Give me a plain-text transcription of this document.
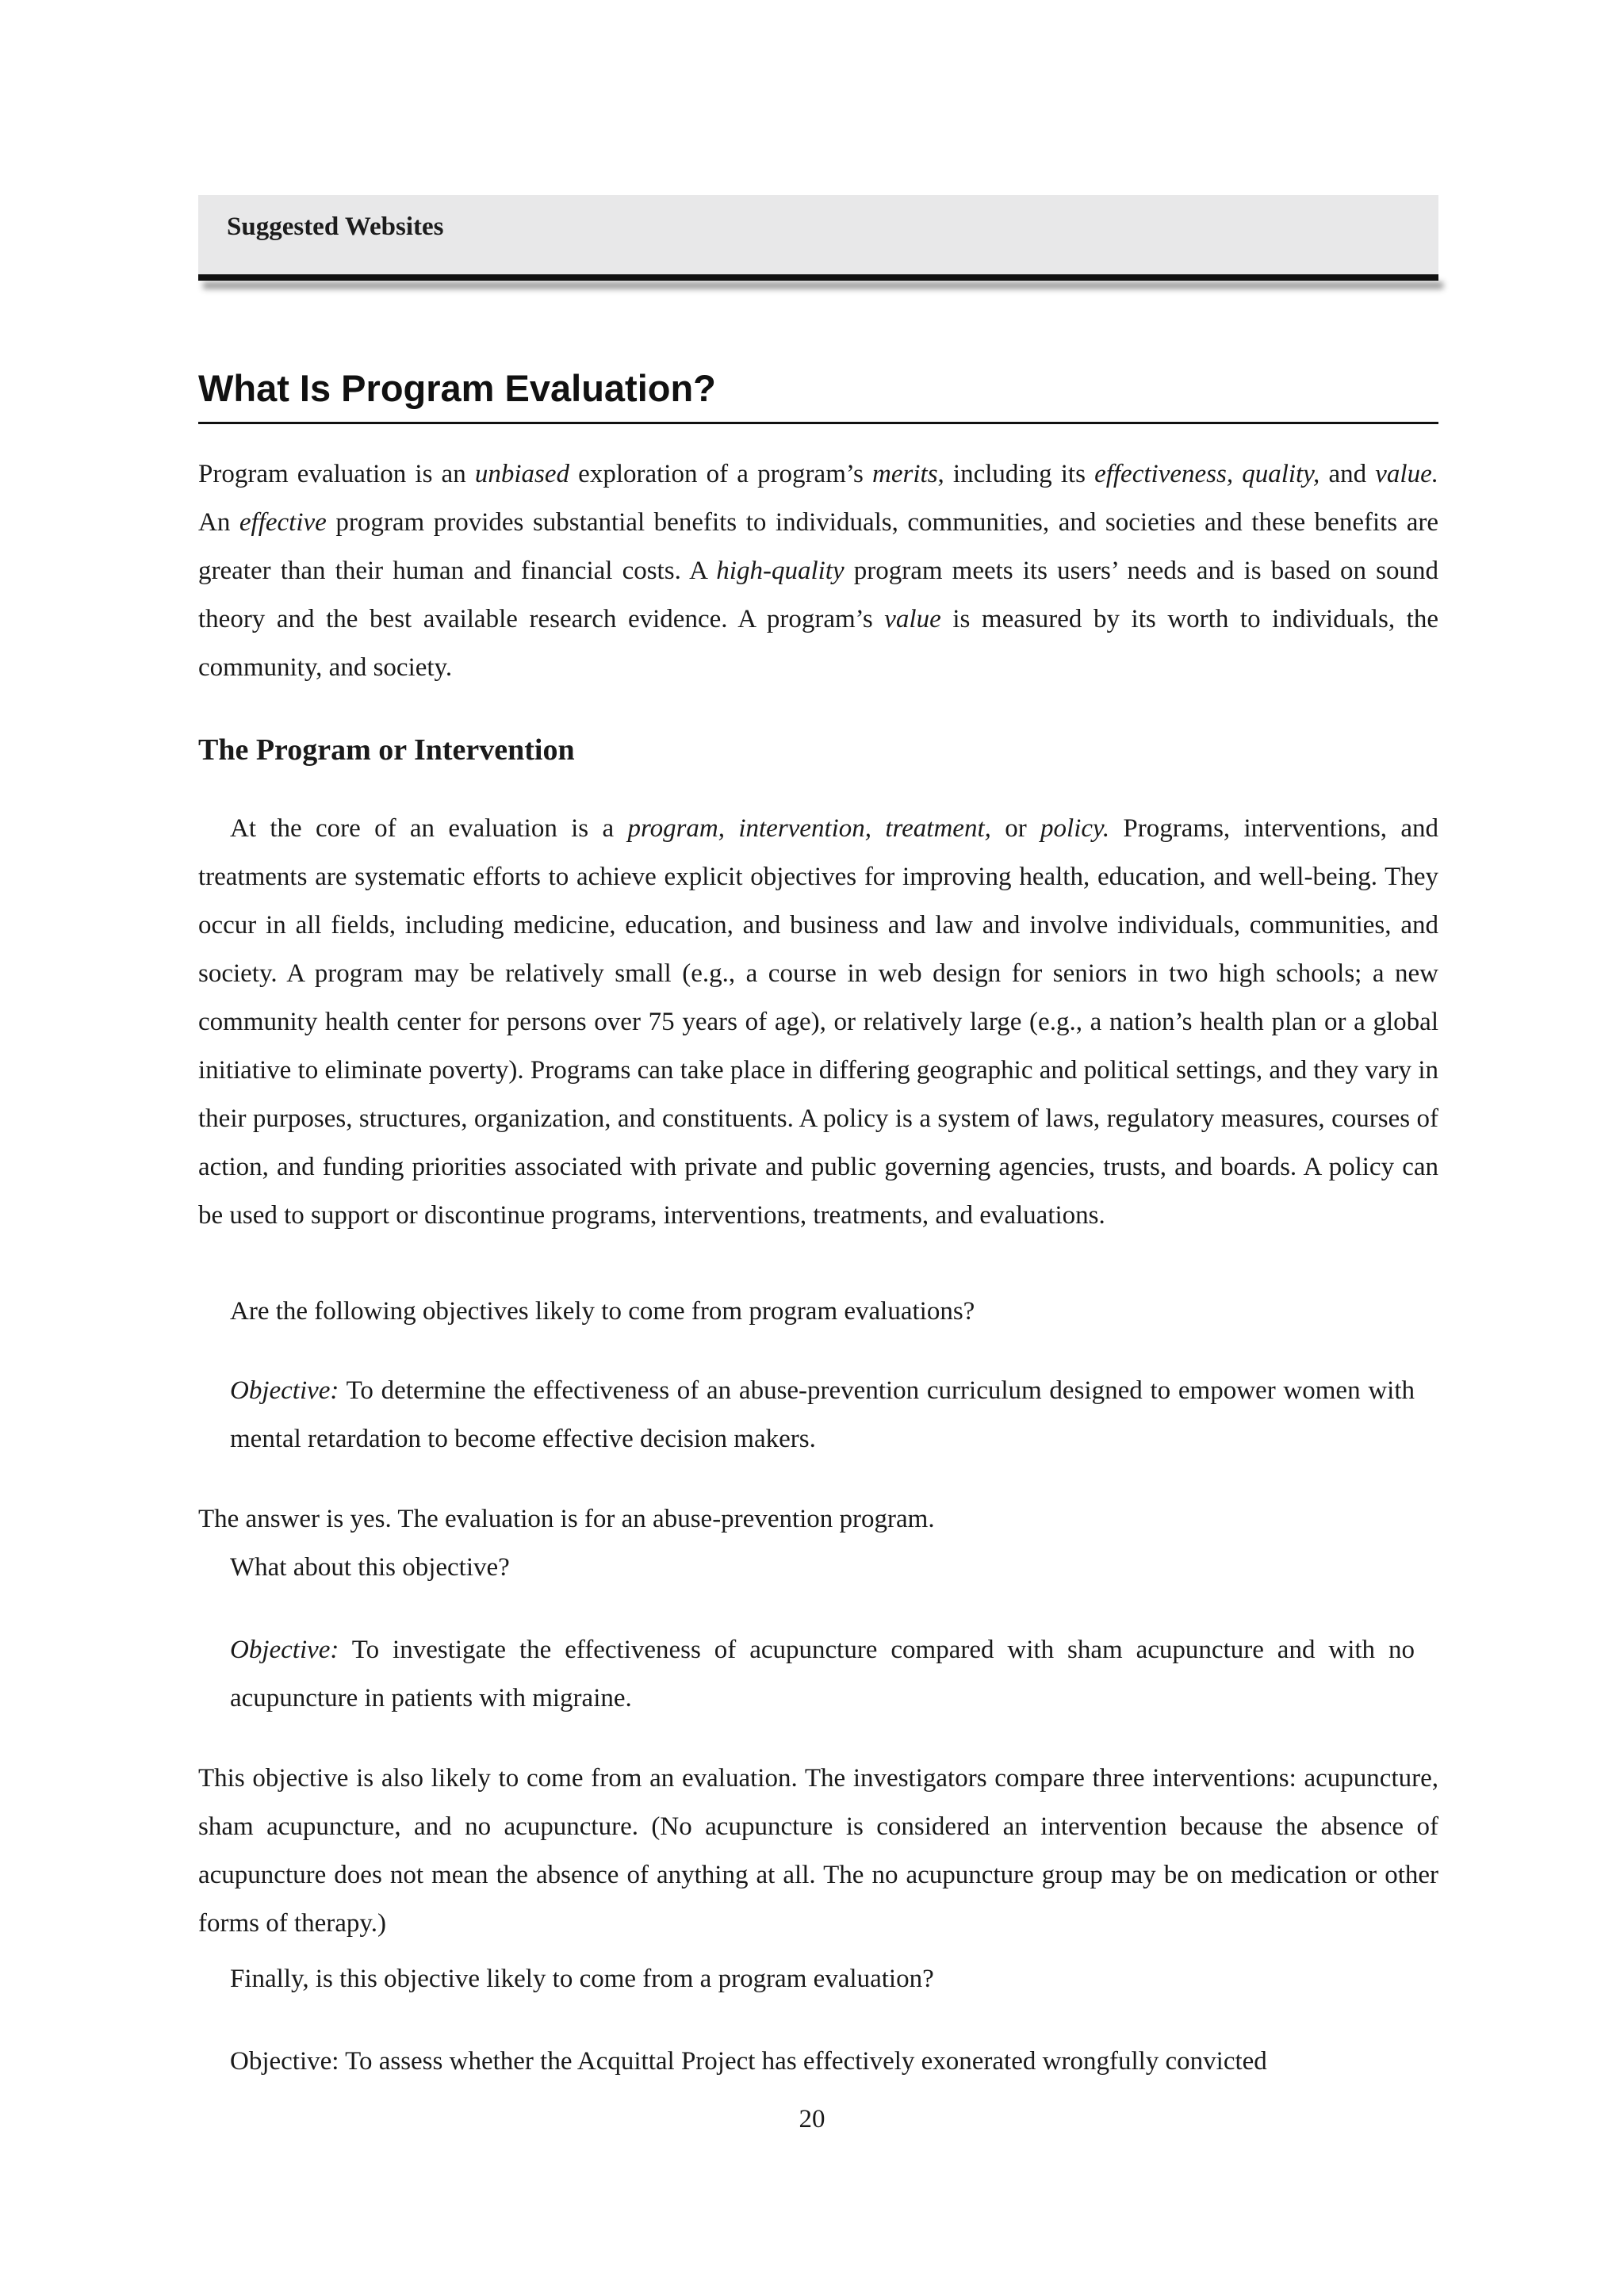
Suggested Websites
What Is Program Evaluation?

Program evaluation is an unbiased exploration of a program’s merits, including its effectiveness, quality, and value. An effective program provides substantial benefits to individuals, communities, and societies and these benefits are greater than their human and financial costs. A high-quality program meets its users’ needs and is based on sound theory and the best available research evidence. A program’s value is measured by its worth to individuals, the community, and society.

The Program or Intervention

At the core of an evaluation is a program, intervention, treatment, or policy. Programs, interventions, and treatments are systematic efforts to achieve explicit objectives for improving health, education, and well-being. They occur in all fields, including medicine, education, and business and law and involve individuals, communities, and society. A program may be relatively small (e.g., a course in web design for seniors in two high schools; a new community health center for persons over 75 years of age), or relatively large (e.g., a nation’s health plan or a global initiative to eliminate poverty). Programs can take place in differing geographic and political settings, and they vary in their purposes, structures, organization, and constituents. A policy is a system of laws, regulatory measures, courses of action, and funding priorities associated with private and public governing agencies, trusts, and boards. A policy can be used to support or discontinue programs, interventions, treatments, and evaluations.

Are the following objectives likely to come from program evaluations?

Objective: To determine the effectiveness of an abuse-prevention curriculum designed to empower women with mental retardation to become effective decision makers.

The answer is yes. The evaluation is for an abuse-prevention program.

What about this objective?

Objective: To investigate the effectiveness of acupuncture compared with sham acupuncture and with no acupuncture in patients with migraine.

This objective is also likely to come from an evaluation. The investigators compare three interventions: acupuncture, sham acupuncture, and no acupuncture. (No acupuncture is considered an intervention because the absence of acupuncture does not mean the absence of anything at all. The no acupuncture group may be on medication or other forms of therapy.)

Finally, is this objective likely to come from a program evaluation?

Objective: To assess whether the Acquittal Project has effectively exonerated wrongfully convicted

20
